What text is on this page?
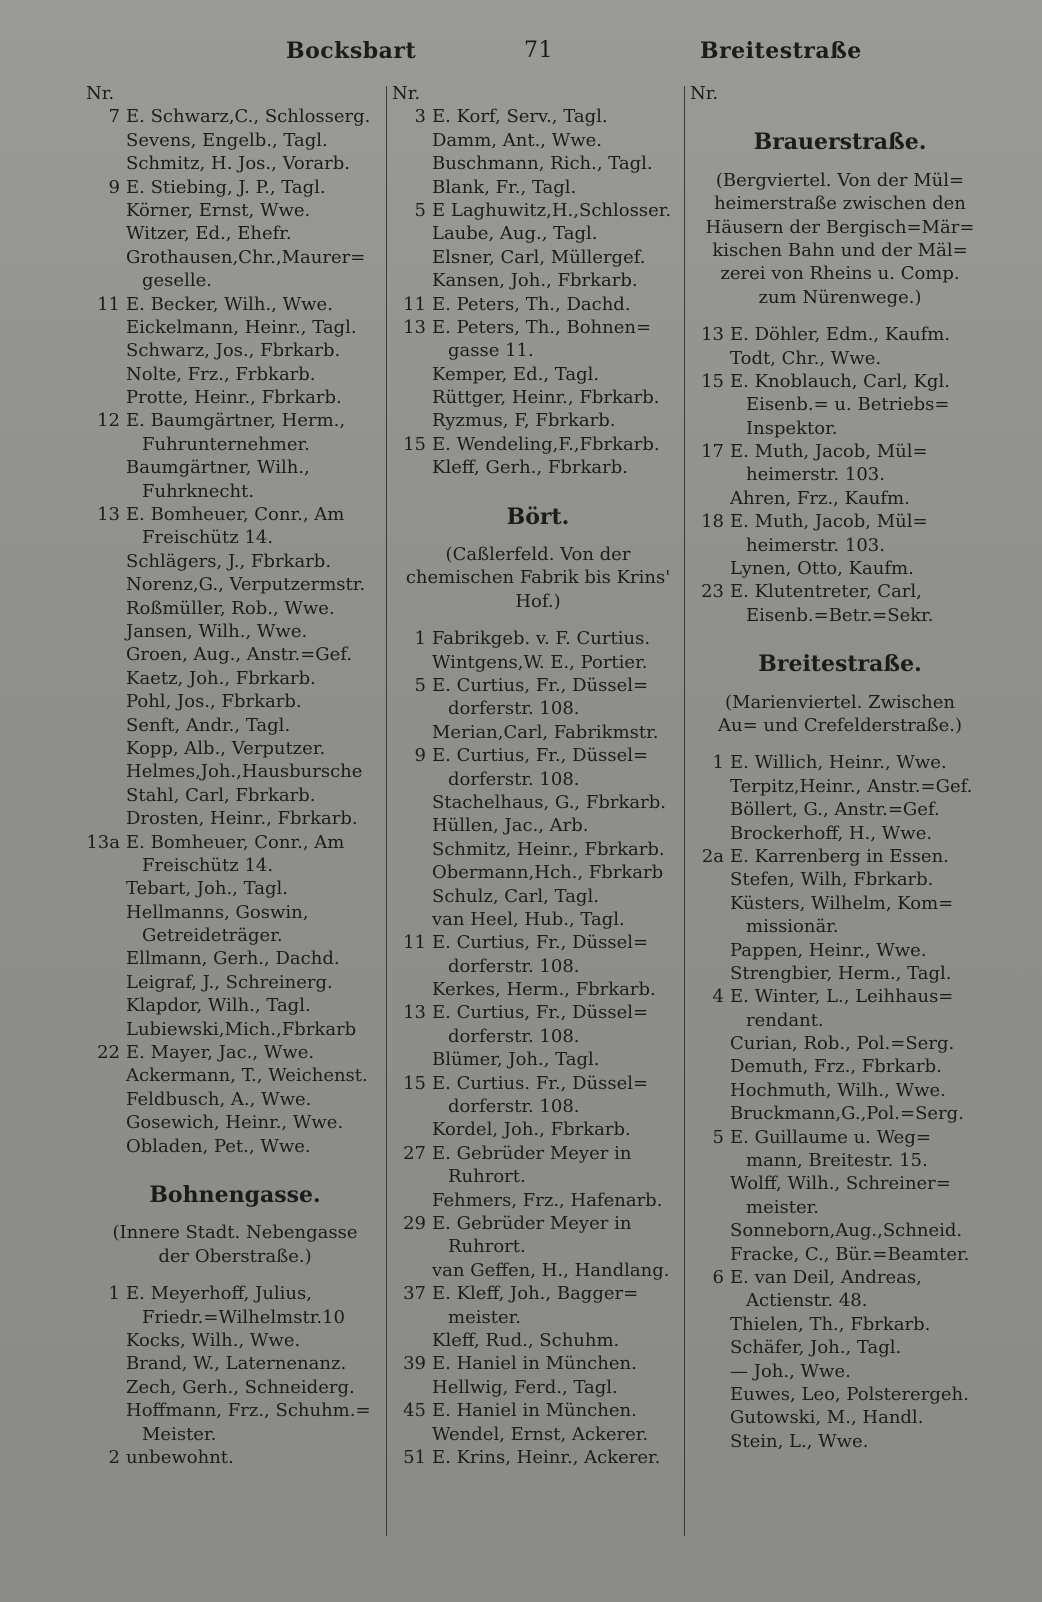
Bocksbart	71	Breitestraße
Nr.
7 E. Schwarz,C., Schlosserg.
Sevens, Engelb., Tagl.
Schmitz, H. Jos., Vorarb.
9 E. Stiebing, J. P., Tagl.
Körner, Ernst, Wwe.
Witzer, Ed., Ehefr.
Grothausen,Chr.,Maurer=
geselle.
11 E. Becker, Wilh., Wwe.
Eickelmann, Heinr., Tagl.
Schwarz, Jos., Fbrkarb.
Nolte, Frz., Frbkarb.
Protte, Heinr., Fbrkarb.
12 E. Baumgärtner, Herm.,
Fuhrunternehmer.
Baumgärtner, Wilh.,
Fuhrknecht.
13 E. Bomheuer, Conr., Am
Freischütz 14.
Schlägers, J., Fbrkarb.
Norenz,G., Verputzermstr.
Roßmüller, Rob., Wwe.
Jansen, Wilh., Wwe.
Groen, Aug., Anstr.=Gef.
Kaetz, Joh., Fbrkarb.
Pohl, Jos., Fbrkarb.
Senft, Andr., Tagl.
Kopp, Alb., Verputzer.
Helmes,Joh.,Hausbursche
Stahl, Carl, Fbrkarb.
Drosten, Heinr., Fbrkarb.
13a E. Bomheuer, Conr., Am
Freischütz 14.
Tebart, Joh., Tagl.
Hellmanns, Goswin,
Getreideträger.
Ellmann, Gerh., Dachd.
Leigraf, J., Schreinerg.
Klapdor, Wilh., Tagl.
Lubiewski,Mich.,Fbrkarb
22 E. Mayer, Jac., Wwe.
Ackermann, T., Weichenst.
Feldbusch, A., Wwe.
Gosewich, Heinr., Wwe.
Obladen, Pet., Wwe.
Bohnengasse.
(Innere Stadt. Nebengasse
der Oberstraße.)
1 E. Meyerhoff, Julius,
Friedr.=Wilhelmstr.10
Kocks, Wilh., Wwe.
Brand, W., Laternenanz.
Zech, Gerh., Schneiderg.
Hoffmann, Frz., Schuhm.=
Meister.
2 unbewohnt.
Nr.
3 E. Korf, Serv., Tagl.
Damm, Ant., Wwe.
Buschmann, Rich., Tagl.
Blank, Fr., Tagl.
5 E Laghuwitz,H.,Schlosser.
Laube, Aug., Tagl.
Elsner, Carl, Müllergef.
Kansen, Joh., Fbrkarb.
11 E. Peters, Th., Dachd.
13 E. Peters, Th., Bohnen=
gasse 11.
Kemper, Ed., Tagl.
Rüttger, Heinr., Fbrkarb.
Ryzmus, F, Fbrkarb.
15 E. Wendeling,F.,Fbrkarb.
Kleff, Gerh., Fbrkarb.
Bört.
(Caßlerfeld. Von der
chemischen Fabrik bis Krins'
Hof.)
1 Fabrikgeb. v. F. Curtius.
Wintgens,W. E., Portier.
5 E. Curtius, Fr., Düssel=
dorferstr. 108.
Merian,Carl, Fabrikmstr.
9 E. Curtius, Fr., Düssel=
dorferstr. 108.
Stachelhaus, G., Fbrkarb.
Hüllen, Jac., Arb.
Schmitz, Heinr., Fbrkarb.
Obermann,Hch., Fbrkarb
Schulz, Carl, Tagl.
van Heel, Hub., Tagl.
11 E. Curtius, Fr., Düssel=
dorferstr. 108.
Kerkes, Herm., Fbrkarb.
13 E. Curtius, Fr., Düssel=
dorferstr. 108.
Blümer, Joh., Tagl.
15 E. Curtius. Fr., Düssel=
dorferstr. 108.
Kordel, Joh., Fbrkarb.
27 E. Gebrüder Meyer in
Ruhrort.
Fehmers, Frz., Hafenarb.
29 E. Gebrüder Meyer in
Ruhrort.
van Geffen, H., Handlang.
37 E. Kleff, Joh., Bagger=
meister.
Kleff, Rud., Schuhm.
39 E. Haniel in München.
Hellwig, Ferd., Tagl.
45 E. Haniel in München.
Wendel, Ernst, Ackerer.
51 E. Krins, Heinr., Ackerer.
Nr.
Brauerstraße.
(Bergviertel. Von der Mül=
heimerstraße zwischen den
Häusern der Bergisch=Mär=
kischen Bahn und der Mäl=
zerei von Rheins u. Comp.
zum Nürenwege.)
13 E. Döhler, Edm., Kaufm.
Todt, Chr., Wwe.
15 E. Knoblauch, Carl, Kgl.
Eisenb.= u. Betriebs=
Inspektor.
17 E. Muth, Jacob, Mül=
heimerstr. 103.
Ahren, Frz., Kaufm.
18 E. Muth, Jacob, Mül=
heimerstr. 103.
Lynen, Otto, Kaufm.
23 E. Klutentreter, Carl,
Eisenb.=Betr.=Sekr.
Breitestraße.
(Marienviertel. Zwischen
Au= und Crefelderstraße.)
1 E. Willich, Heinr., Wwe.
Terpitz,Heinr., Anstr.=Gef.
Böllert, G., Anstr.=Gef.
Brockerhoff, H., Wwe.
2a E. Karrenberg in Essen.
Stefen, Wilh, Fbrkarb.
Küsters, Wilhelm, Kom=
missionär.
Pappen, Heinr., Wwe.
Strengbier, Herm., Tagl.
4 E. Winter, L., Leihhaus=
rendant.
Curian, Rob., Pol.=Serg.
Demuth, Frz., Fbrkarb.
Hochmuth, Wilh., Wwe.
Bruckmann,G.,Pol.=Serg.
5 E. Guillaume u. Weg=
mann, Breitestr. 15.
Wolff, Wilh., Schreiner=
meister.
Sonneborn,Aug.,Schneid.
Fracke, C., Bür.=Beamter.
6 E. van Deil, Andreas,
Actienstr. 48.
Thielen, Th., Fbrkarb.
Schäfer, Joh., Tagl.
— Joh., Wwe.
Euwes, Leo, Polsterergeh.
Gutowski, M., Handl.
Stein, L., Wwe.
